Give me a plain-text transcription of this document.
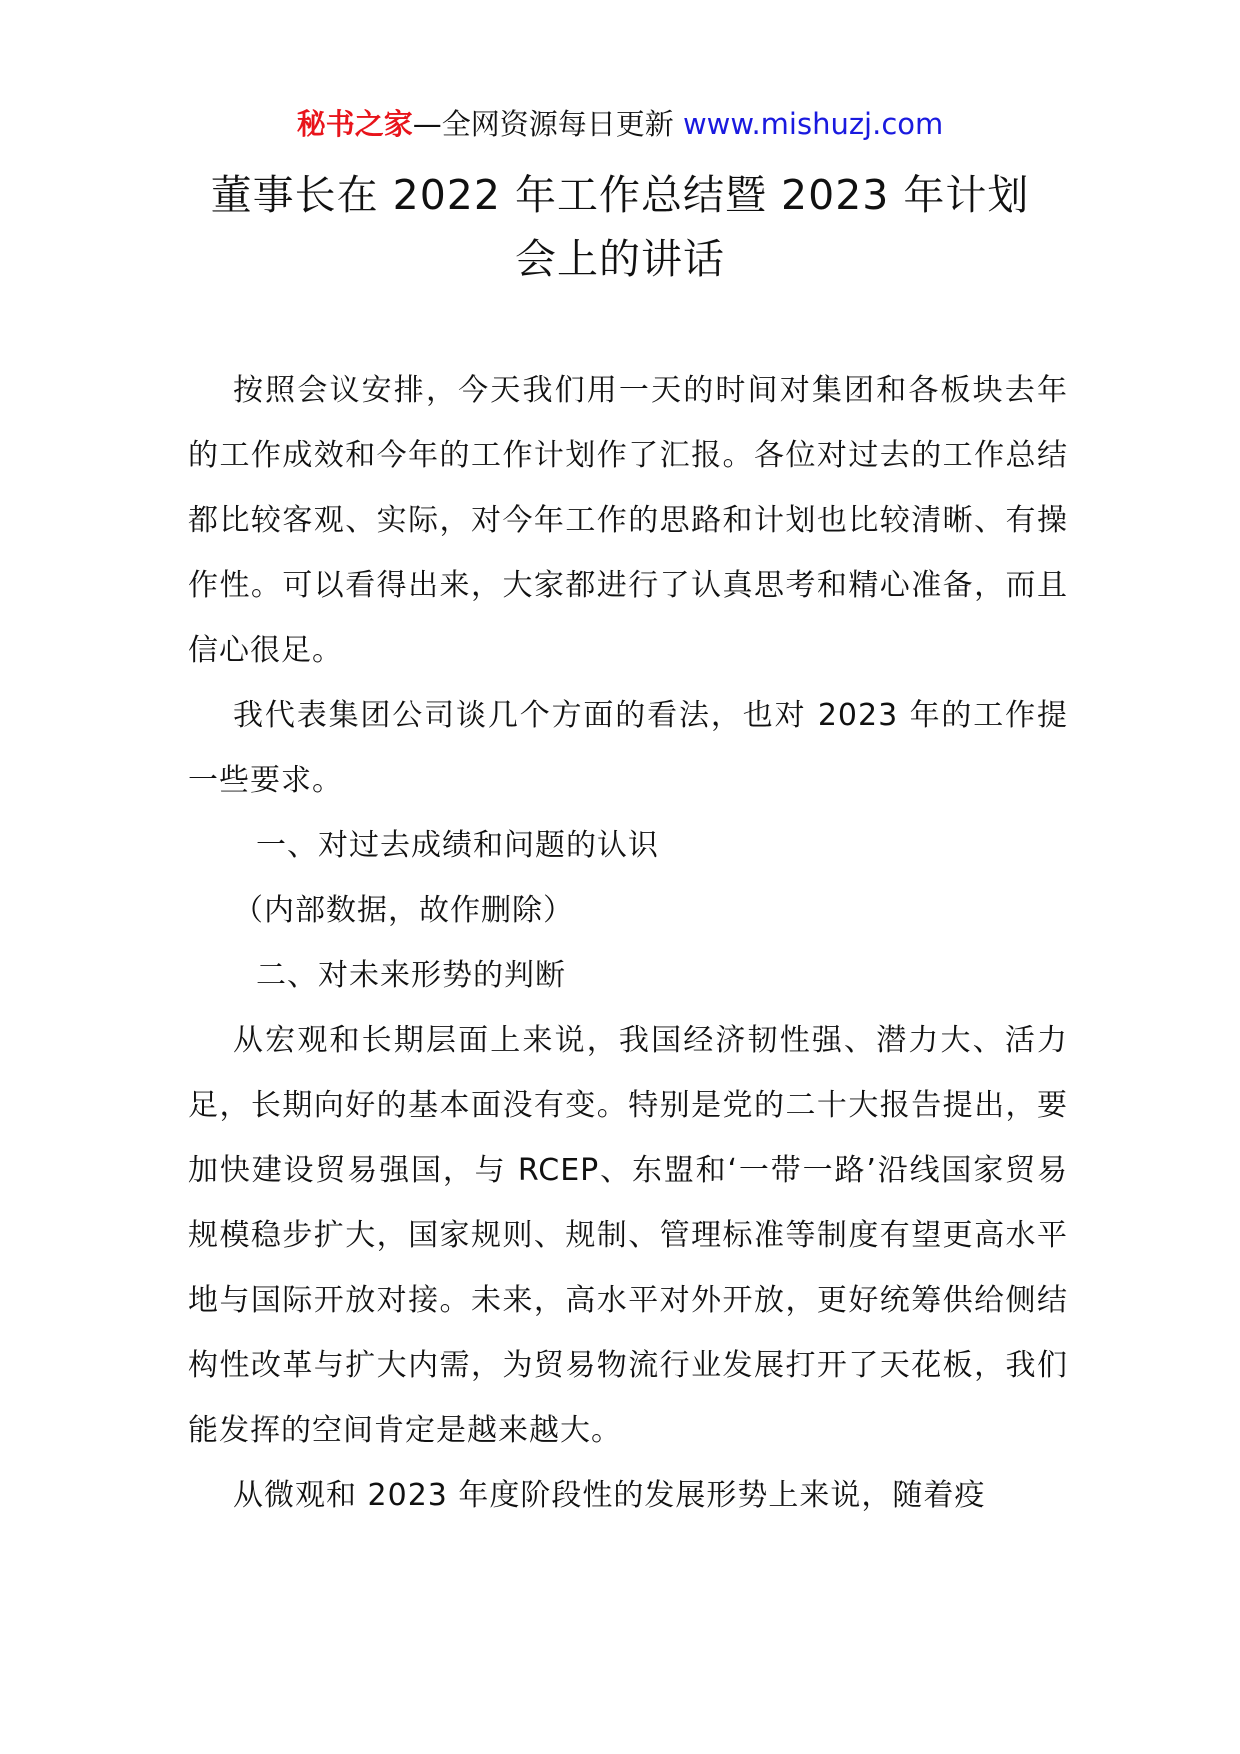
秘书之家—全网资源每日更新 www.mishuzj.com
董事长在 2022 年工作总结暨 2023 年计划
会上的讲话

按照会议安排，今天我们用一天的时间对集团和各板块去年的工作成效和今年的工作计划作了汇报。各位对过去的工作总结都比较客观、实际，对今年工作的思路和计划也比较清晰、有操作性。可以看得出来，大家都进行了认真思考和精心准备，而且信心很足。

我代表集团公司谈几个方面的看法，也对 2023 年的工作提一些要求。

一、对过去成绩和问题的认识

（内部数据，故作删除）

二、对未来形势的判断

从宏观和长期层面上来说，我国经济韧性强、潜力大、活力足，长期向好的基本面没有变。特别是党的二十大报告提出，要加快建设贸易强国，与 RCEP、东盟和‘一带一路’沿线国家贸易规模稳步扩大，国家规则、规制、管理标准等制度有望更高水平地与国际开放对接。未来，高水平对外开放，更好统筹供给侧结构性改革与扩大内需，为贸易物流行业发展打开了天花板，我们能发挥的空间肯定是越来越大。

从微观和 2023 年度阶段性的发展形势上来说，随着疫
